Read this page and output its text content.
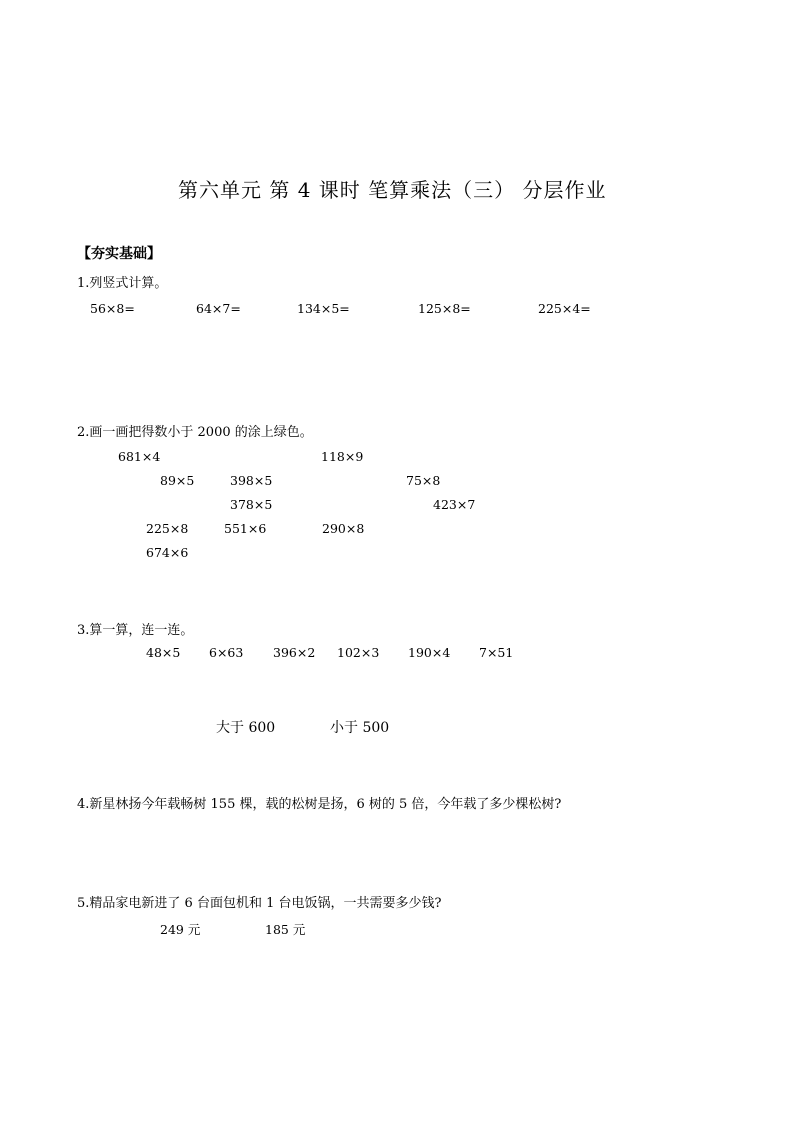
第六单元 第 4 课时 笔算乘法（三） 分层作业
【夯实基础】
1.列竖式计算。
56×8=	64×7=	134×5=	125×8=	225×4=
2.画一画把得数小于 2000 的涂上绿色。
681×4	118×9
89×5	398×5	75×8
378×5	423×7
225×8	551×6	290×8
674×6
3.算一算，连一连。
48×5 6×63 396×2 102×3 190×4 7×51
大于 600	小于 500
4.新星林扬今年载畅树 155 棵，载的松树是扬，6 树的 5 倍，今年载了多少棵松树?
5.精品家电新进了 6 台面包机和 1 台电饭锅，一共需要多少钱?
249 元	185 元
